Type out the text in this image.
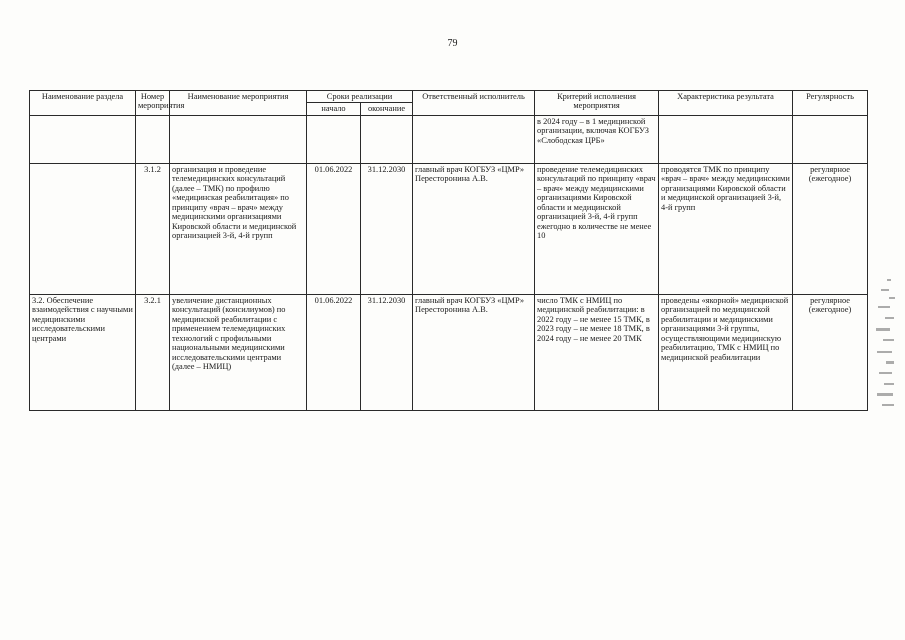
79
Наименование раздела	Номер мероприятия	Наименование мероприятия	Сроки реализации		Ответственный исполнитель	Критерий исполнения мероприятия	Характеристика результата	Регулярность
			начало	окончание				
						в 2024 году – в 1 медицинской организации, включая КОГБУЗ «Слободская ЦРБ»		
	3.1.2	организация и проведение телемедицинских консультаций (далее – ТМК) по профилю «медицинская реабилитация» по принципу «врач – врач» между медицинскими организациями Кировской области и медицинской организацией 3-й, 4-й групп	01.06.2022	31.12.2030	главный врач КОГБУЗ «ЦМР» Пересторонина А.В.	проведение телемедицинских консультаций по принципу «врач – врач» между медицинскими организациями Кировской области и медицинской организацией 3-й, 4-й групп ежегодно в количестве не менее 10	проводятся ТМК по принципу «врач – врач» между медицинскими организациями Кировской области и медицинской организацией 3-й, 4-й групп	регулярное (ежегодное)
3.2. Обеспечение взаимодействия с научными медицинскими исследовательскими центрами	3.2.1	увеличение дистанционных консультаций (консилиумов) по медицинской реабилитации с применением телемедицинских технологий с профильными национальными медицинскими исследовательскими центрами (далее – НМИЦ)	01.06.2022	31.12.2030	главный врач КОГБУЗ «ЦМР» Пересторонина А.В.	число ТМК с НМИЦ по медицинской реабилитации: в 2022 году – не менее 15 ТМК, в 2023 году – не менее 18 ТМК, в 2024 году – не менее 20 ТМК	проведены «якорной» медицинской организацией по медицинской реабилитации и медицинскими организациями 3-й группы, осуществляющими медицинскую реабилитацию, ТМК с НМИЦ по медицинской реабилитации	регулярное (ежегодное)
